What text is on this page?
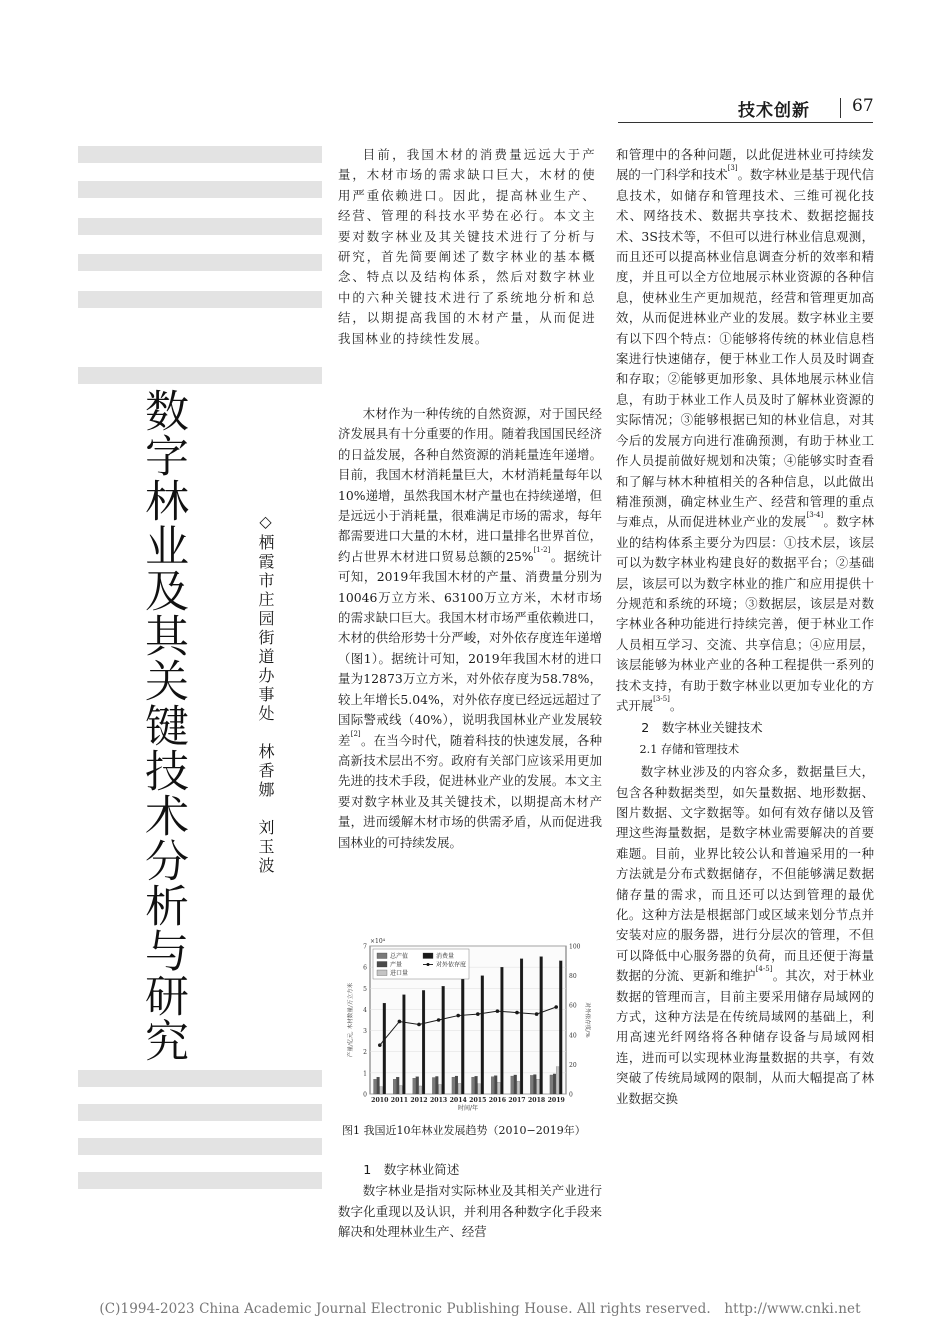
技术创新 67
数字林业及其关键技术分析与研究	◇栖霞市庄园街道办事处　林香娜　刘玉波
目前，我国木材的消费量远远大于产量，木材市场的需求缺口巨大，木材的使用严重依赖进口。因此，提高林业生产、经营、管理的科技水平势在必行。本文主要对数字林业及其关键技术进行了分析与研究，首先简要阐述了数字林业的基本概念、特点以及结构体系，然后对数字林业中的六种关键技术进行了系统地分析和总结，以期提高我国的木材产量，从而促进我国林业的持续性发展。

木材作为一种传统的自然资源，对于国民经济发展具有十分重要的作用。随着我国国民经济的日益发展，各种自然资源的消耗量连年递增。目前，我国木材消耗量巨大，木材消耗量每年以10%递增，虽然我国木材产量也在持续递增，但是远远小于消耗量，很难满足市场的需求，每年都需要进口大量的木材，进口量排名世界首位，约占世界木材进口贸易总额的25%[1-2]。据统计可知，2019年我国木材的产量、消费量分别为10046万立方米、63100万立方米，木材市场的需求缺口巨大。我国木材市场严重依赖进口，木材的供给形势十分严峻，对外依存度连年递增（图1）。据统计可知，2019年我国木材的进口量为12873万立方米，对外依存度为58.78%，较上年增长5.04%，对外依存度已经远远超过了国际警戒线（40%），说明我国林业产业发展较差[2]。在当今时代，随着科技的快速发展，各种高新技术层出不穷。政府有关部门应该采用更加先进的技术手段，促进林业产业的发展。本文主要对数字林业及其关键技术，以期提高木材产量，进而缓解木材市场的供需矛盾，从而促进我国林业的可持续发展。

0
1
2
3
4
5
6
7
×10⁴
0
20
40
60
80
100
2010 2011 2012 2013 2014 2015 2016 2017 2018 2019
时间/年
产量/亿元, 木材数量/万立方米	对外依存度/%
总产值	消费量
产量	对外依存度
进口量
图1 我国近10年林业发展趋势（2010−2019年）
1　数字林业简述

数字林业是指对实际林业及其相关产业进行数字化重现以及认识，并利用各种数字化手段来解决和处理林业生产、经营

和管理中的各种问题，以此促进林业可持续发展的一门科学和技术[3]。数字林业是基于现代信息技术，如储存和管理技术、三维可视化技术、网络技术、数据共享技术、数据挖掘技术、3S技术等，不但可以进行林业信息观测，而且还可以提高林业信息调查分析的效率和精度，并且可以全方位地展示林业资源的各种信息，使林业生产更加规范，经营和管理更加高效，从而促进林业产业的发展。数字林业主要有以下四个特点：①能够将传统的林业信息档案进行快速储存，便于林业工作人员及时调查和存取；②能够更加形象、具体地展示林业信息，有助于林业工作人员及时了解林业资源的实际情况；③能够根据已知的林业信息，对其今后的发展方向进行准确预测，有助于林业工作人员提前做好规划和决策；④能够实时查看和了解与林木种植相关的各种信息，以此做出精准预测，确定林业生产、经营和管理的重点与难点，从而促进林业产业的发展[3-4]。数字林业的结构体系主要分为四层：①技术层，该层可以为数字林业构建良好的数据平台；②基础层，该层可以为数字林业的推广和应用提供十分规范和系统的环境；③数据层，该层是对数字林业各种功能进行持续完善，便于林业工作人员相互学习、交流、共享信息；④应用层，该层能够为林业产业的各种工程提供一系列的技术支持，有助于数字林业以更加专业化的方式开展[3-5]。

2　数字林业关键技术
2.1 存储和管理技术

数字林业涉及的内容众多，数据量巨大，包含各种数据类型，如矢量数据、地形数据、图片数据、文字数据等。如何有效存储以及管理这些海量数据，是数字林业需要解决的首要难题。目前，业界比较公认和普遍采用的一种方法就是分布式数据储存，不但能够满足数据储存量的需求，而且还可以达到管理的最优化。这种方法是根据部门或区域来划分节点并安装对应的服务器，进行分层次的管理，不但可以降低中心服务器的负荷，而且还便于海量数据的分流、更新和维护[4-5]。其次，对于林业数据的管理而言，目前主要采用储存局域网的方式，这种方法是在传统局域网的基础上，利用高速光纤网络将各种储存设备与局域网相连，进而可以实现林业海量数据的共享，有效突破了传统局域网的限制，从而大幅提高了林业数据交换

(C)1994-2023 China Academic Journal Electronic Publishing House. All rights reserved.　http://www.cnki.net
